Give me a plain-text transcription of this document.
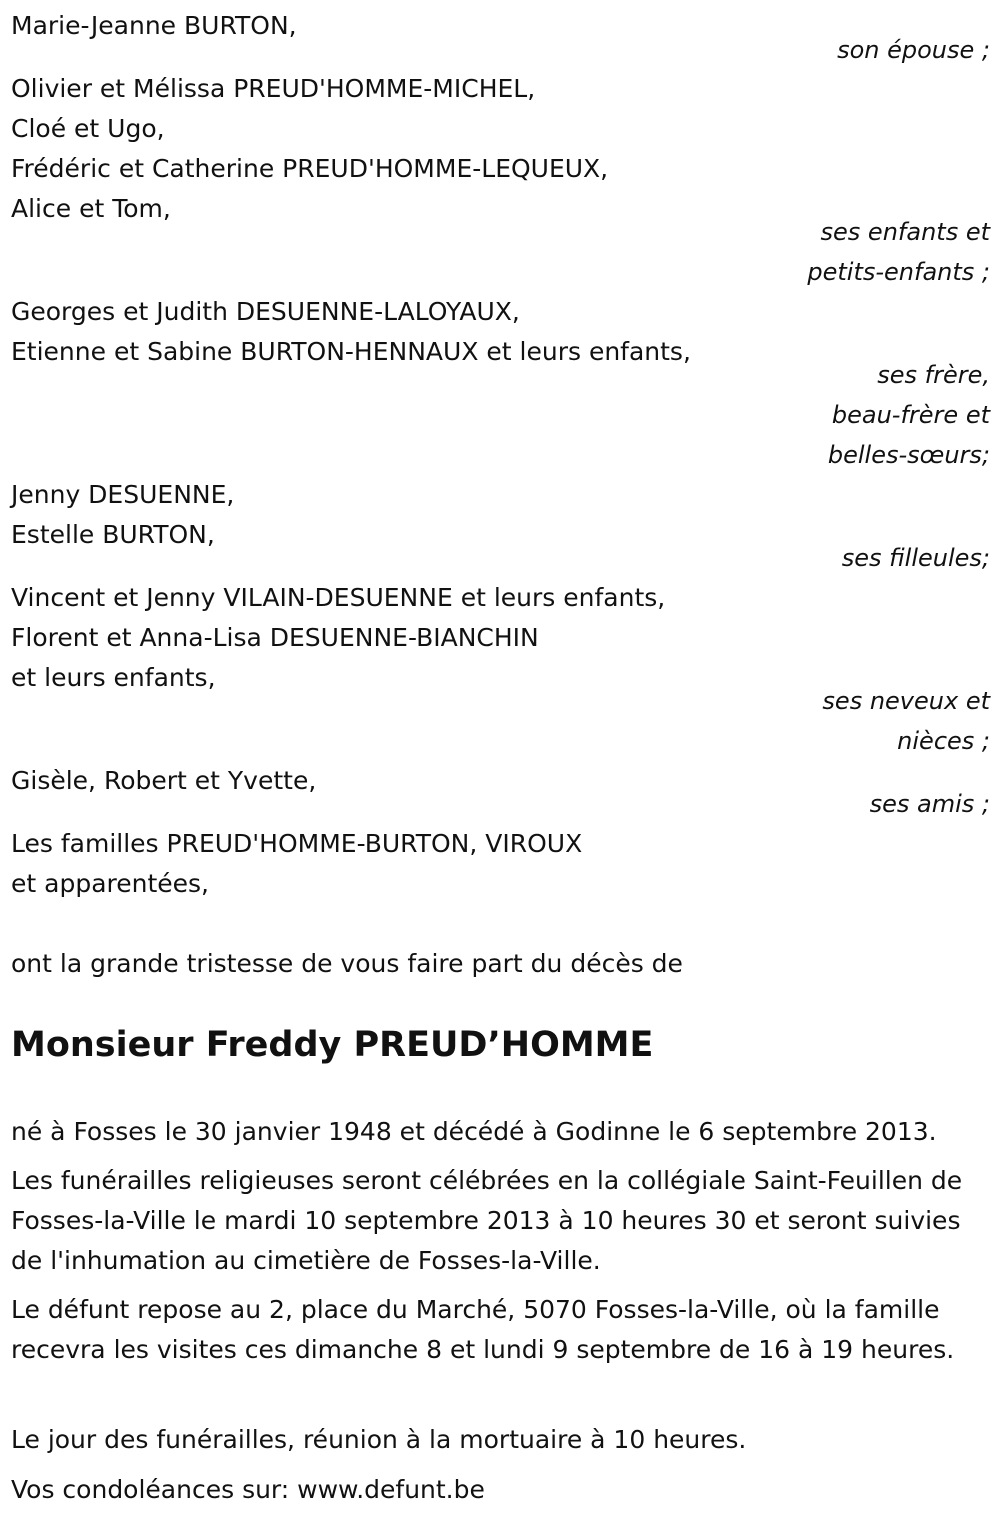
Marie-Jeanne BURTON,
son épouse ;
Olivier et Mélissa PREUD'HOMME-MICHEL,
Cloé et Ugo,
Frédéric et Catherine PREUD'HOMME-LEQUEUX,
Alice et Tom,
ses enfants et
petits-enfants ;
Georges et Judith DESUENNE-LALOYAUX,
Etienne et Sabine BURTON-HENNAUX et leurs enfants,
ses frère,
beau-frère et
belles-sœurs;
Jenny DESUENNE,
Estelle BURTON,
ses filleules;
Vincent et Jenny VILAIN-DESUENNE et leurs enfants,
Florent et Anna-Lisa DESUENNE-BIANCHIN
et leurs enfants,
ses neveux et
nièces ;
Gisèle, Robert et Yvette,
ses amis ;
Les familles PREUD'HOMME-BURTON, VIROUX
et apparentées,
ont la grande tristesse de vous faire part du décès de
Monsieur Freddy PREUD’HOMME
né à Fosses le 30 janvier 1948 et décédé à Godinne le 6 septembre 2013.
Les funérailles religieuses seront célébrées en la collégiale Saint-Feuillen de Fosses-la-Ville le mardi 10 septembre 2013 à 10 heures 30 et seront suivies de l'inhumation au cimetière de Fosses-la-Ville.
Le défunt repose au 2, place du Marché, 5070 Fosses-la-Ville, où la famille recevra les visites ces dimanche 8 et lundi 9 septembre de 16 à 19 heures.
Le jour des funérailles, réunion à la mortuaire à 10 heures.
Vos condoléances sur: www.defunt.be
